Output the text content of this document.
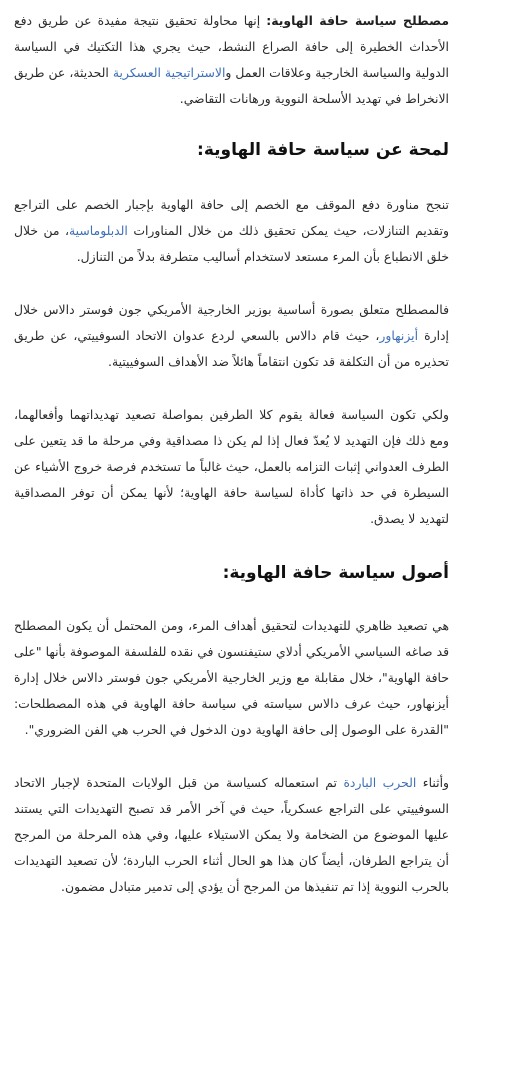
مصطلح سياسة حافة الهاوية: إنها محاولة تحقيق نتيجة مفيدة عن طريق دفع الأحداث الخطيرة إلى حافة الصراع النشط، حيث يجري هذا التكتيك في السياسة الدولية والسياسة الخارجية وعلاقات العمل والاستراتيجية العسكرية الحديثة، عن طريق الانخراط في تهديد الأسلحة النووية ورهانات التقاضي.

لمحة عن سياسة حافة الهاوية:

تنجح مناورة دفع الموقف مع الخصم إلى حافة الهاوية بإجبار الخصم على التراجع وتقديم التنازلات، حيث يمكن تحقيق ذلك من خلال المناورات الدبلوماسية، من خلال خلق الانطباع بأن المرء مستعد لاستخدام أساليب متطرفة بدلاً من التنازل.

فالمصطلح متعلق بصورة أساسية بوزير الخارجية الأمريكي جون فوستر دالاس خلال إدارة أيزنهاور، حيث قام دالاس بالسعي لردع عدوان الاتحاد السوفييتي، عن طريق تحذيره من أن التكلفة قد تكون انتقاماً هائلاً ضد الأهداف السوفييتية.

ولكي تكون السياسة فعالة يقوم كلا الطرفين بمواصلة تصعيد تهديداتهما وأفعالهما، ومع ذلك فإن التهديد لا يُعدّ فعال إذا لم يكن ذا مصداقية وفي مرحلة ما قد يتعين على الطرف العدواني إثبات التزامه بالعمل، حيث غالباً ما تستخدم فرصة خروج الأشياء عن السيطرة في حد ذاتها كأداة لسياسة حافة الهاوية؛ لأنها يمكن أن توفر المصداقية لتهديد لا يصدق.

أصول سياسة حافة الهاوية:

هي تصعيد ظاهري للتهديدات لتحقيق أهداف المرء، ومن المحتمل أن يكون المصطلح قد صاغه السياسي الأمريكي أدلاي ستيفنسون في نقده للفلسفة الموصوفة بأنها "على حافة الهاوية"، خلال مقابلة مع وزير الخارجية الأمريكي جون فوستر دالاس خلال إدارة أيزنهاور، حيث عرف دالاس سياسته في سياسة حافة الهاوية في هذه المصطلحات: "القدرة على الوصول إلى حافة الهاوية دون الدخول في الحرب هي الفن الضروري".

وأثناء الحرب الباردة تم استعماله كسياسة من قبل الولايات المتحدة لإجبار الاتحاد السوفييتي على التراجع عسكرياً، حيث في آخر الأمر قد تصبح التهديدات التي يستند عليها الموضوع من الضخامة ولا يمكن الاستيلاء عليها، وفي هذه المرحلة من المرجح أن يتراجع الطرفان، أيضاً كان هذا هو الحال أثناء الحرب الباردة؛ لأن تصعيد التهديدات بالحرب النووية إذا تم تنفيذها من المرجح أن يؤدي إلى تدمير متبادل مضمون.
